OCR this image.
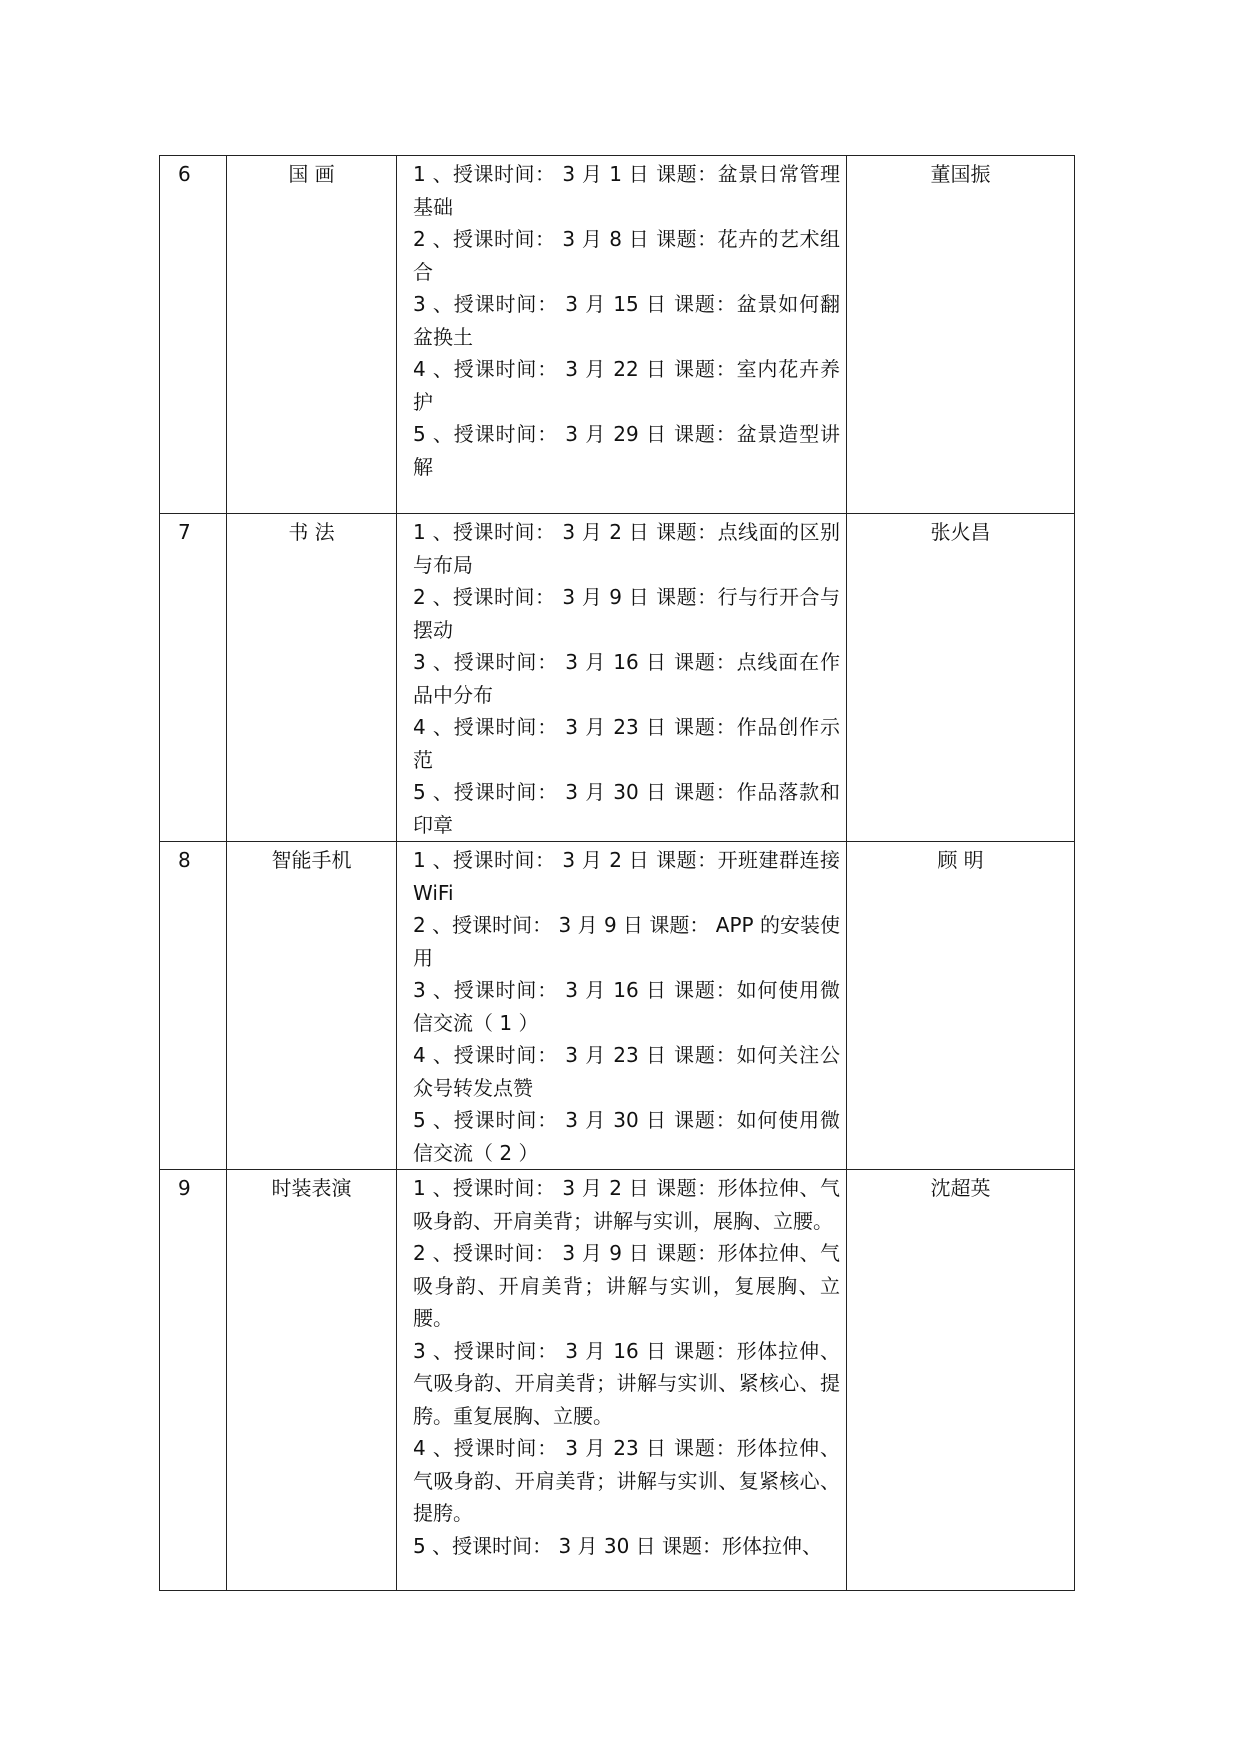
6	国 画	1 、授课时间： 3 月 1 日 课题：盆景日常管理基础
2 、授课时间： 3 月 8 日 课题：花卉的艺术组合
3 、授课时间： 3 月 15 日 课题：盆景如何翻盆换土
4 、授课时间： 3 月 22 日 课题：室内花卉养护
5 、授课时间： 3 月 29 日 课题：盆景造型讲解	董国振
7	书 法	1 、授课时间： 3 月 2 日 课题：点线面的区别与布局
2 、授课时间： 3 月 9 日 课题：行与行开合与摆动
3 、授课时间： 3 月 16 日 课题：点线面在作品中分布
4 、授课时间： 3 月 23 日 课题：作品创作示范
5 、授课时间： 3 月 30 日 课题：作品落款和印章	张火昌
8	智能手机	1 、授课时间： 3 月 2 日 课题：开班建群连接WiFi
2 、授课时间： 3 月 9 日 课题： APP 的安装使用
3 、授课时间： 3 月 16 日 课题：如何使用微信交流（ 1 ）
4 、授课时间： 3 月 23 日 课题：如何关注公众号转发点赞
5 、授课时间： 3 月 30 日 课题：如何使用微信交流（ 2 ）	顾 明
9	时装表演	1 、授课时间： 3 月 2 日 课题：形体拉伸、气吸身韵、开肩美背；讲解与实训，展胸、立腰。
2 、授课时间： 3 月 9 日 课题：形体拉伸、气吸身韵、开肩美背；讲解与实训，复展胸、立腰。
3 、授课时间： 3 月 16 日 课题：形体拉伸、气吸身韵、开肩美背；讲解与实训、紧核心、提胯。重复展胸、立腰。
4 、授课时间： 3 月 23 日 课题：形体拉伸、气吸身韵、开肩美背；讲解与实训、复紧核心、提胯。
5 、授课时间： 3 月 30 日 课题：形体拉伸、	沈超英
